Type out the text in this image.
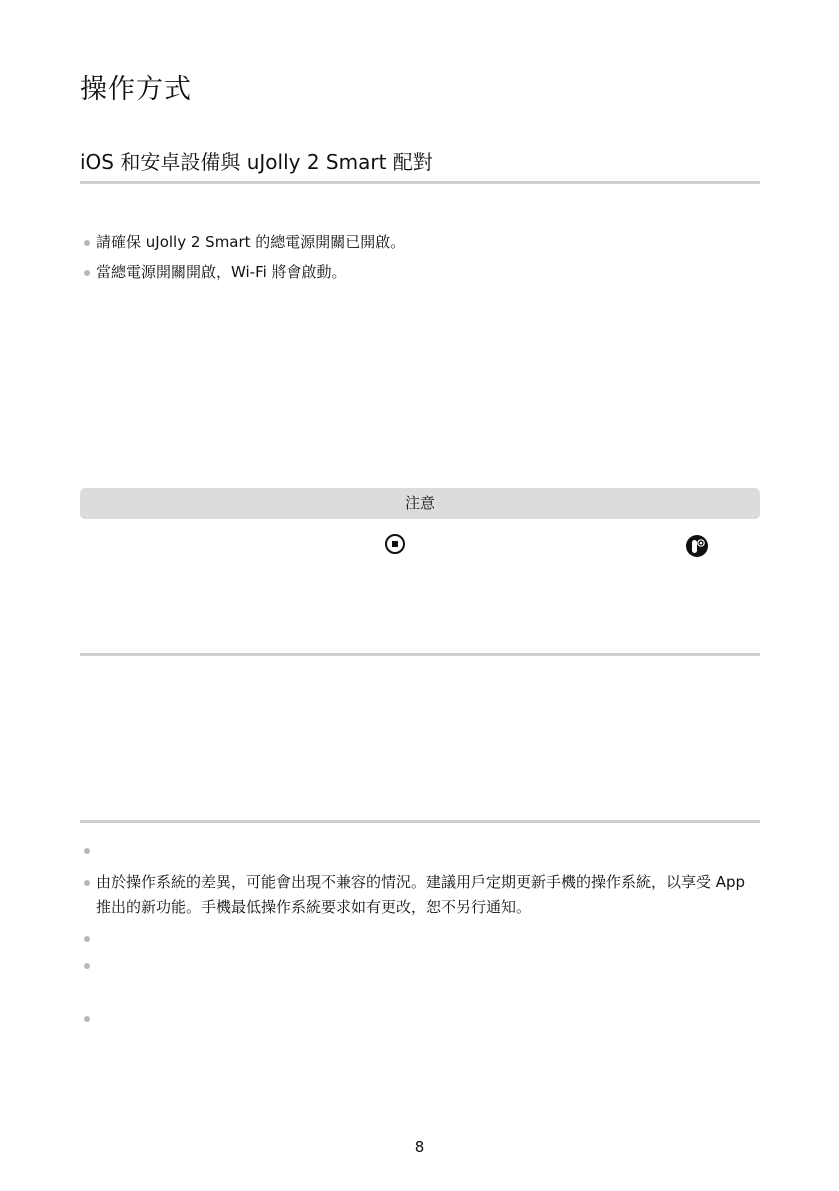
操作方式
iOS 和安卓設備與 uJolly 2 Smart 配對
請確保 uJolly 2 Smart 的總電源開關已開啟。
當總電源開關開啟，Wi-Fi 將會啟動。
注意
由於操作系統的差異，可能會出現不兼容的情況。建議用戶定期更新手機的操作系統，以享受 App 推出的新功能。手機最低操作系統要求如有更改，恕不另行通知。
8
